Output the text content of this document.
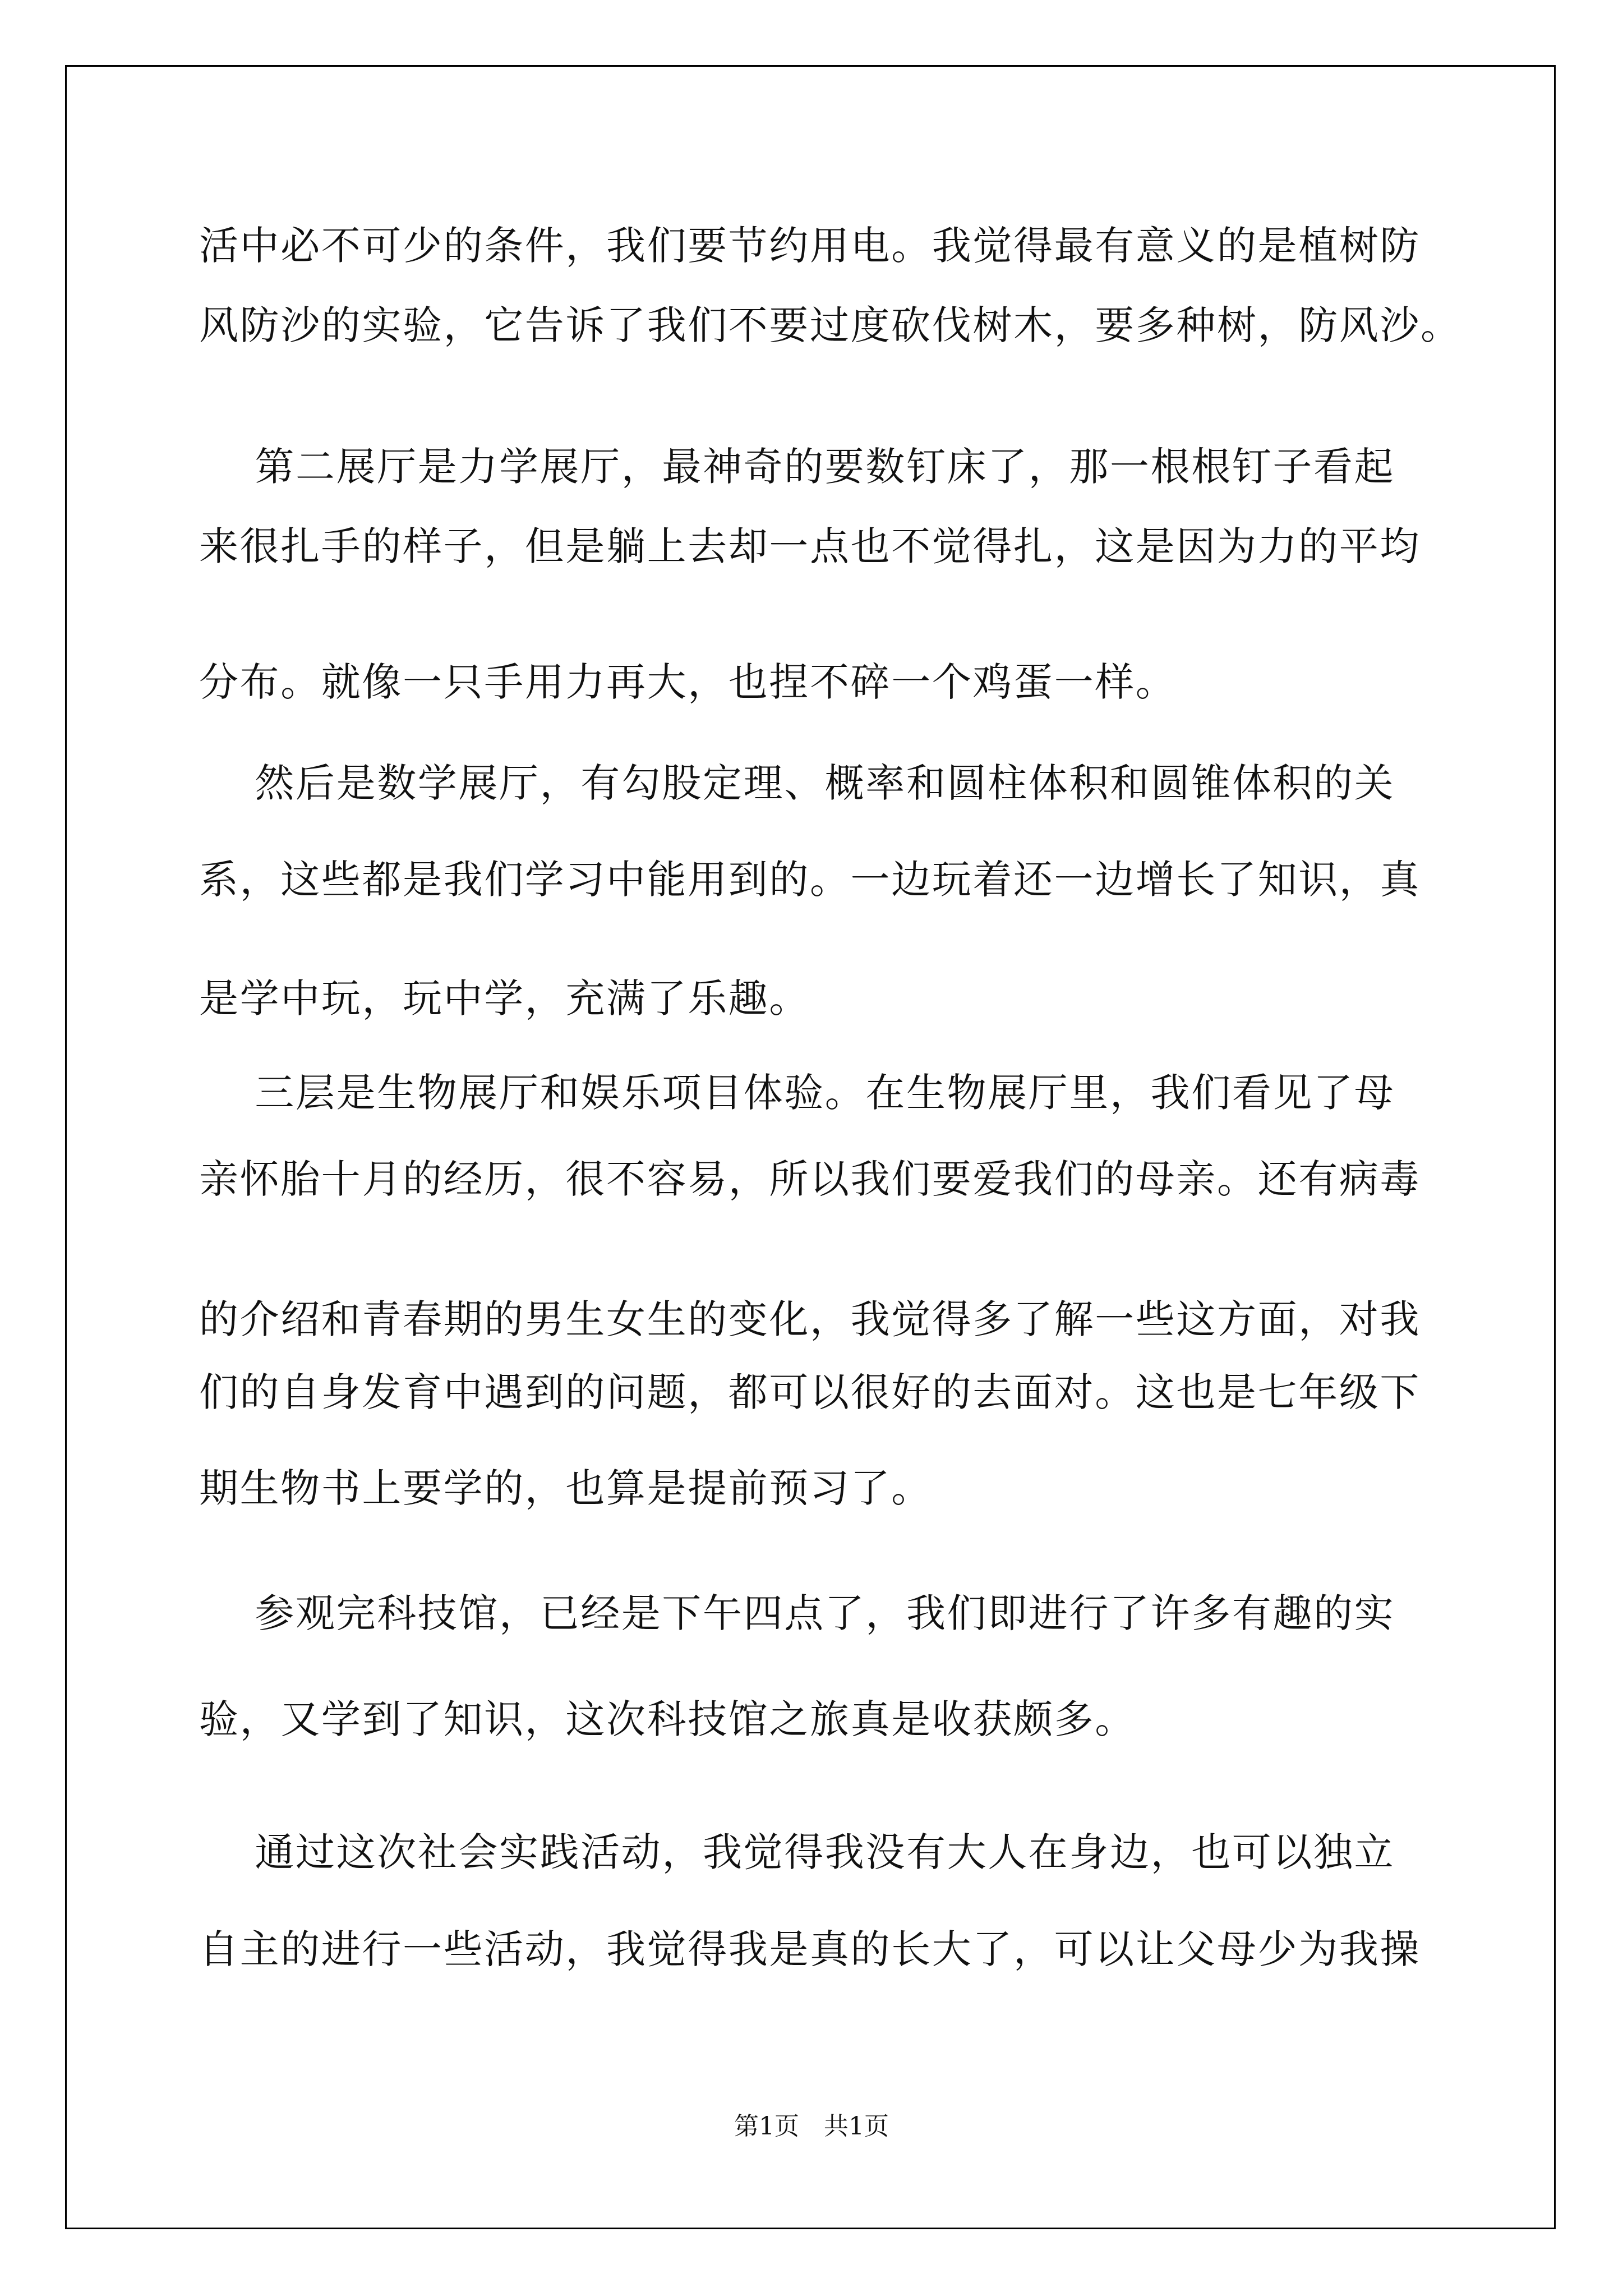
活中必不可少的条件，我们要节约用电。我觉得最有意义的是植树防
风防沙的实验，它告诉了我们不要过度砍伐树木，要多种树，防风沙。
第二展厅是力学展厅，最神奇的要数钉床了，那一根根钉子看起
来很扎手的样子，但是躺上去却一点也不觉得扎，这是因为力的平均
分布。就像一只手用力再大，也捏不碎一个鸡蛋一样。
然后是数学展厅，有勾股定理、概率和圆柱体积和圆锥体积的关
系，这些都是我们学习中能用到的。一边玩着还一边增长了知识，真
是学中玩，玩中学，充满了乐趣。
三层是生物展厅和娱乐项目体验。在生物展厅里，我们看见了母
亲怀胎十月的经历，很不容易，所以我们要爱我们的母亲。还有病毒
的介绍和青春期的男生女生的变化，我觉得多了解一些这方面，对我
们的自身发育中遇到的问题，都可以很好的去面对。这也是七年级下
期生物书上要学的，也算是提前预习了。
参观完科技馆，已经是下午四点了，我们即进行了许多有趣的实
验，又学到了知识，这次科技馆之旅真是收获颇多。
通过这次社会实践活动，我觉得我没有大人在身边，也可以独立
自主的进行一些活动，我觉得我是真的长大了，可以让父母少为我操
第1页　共1页
